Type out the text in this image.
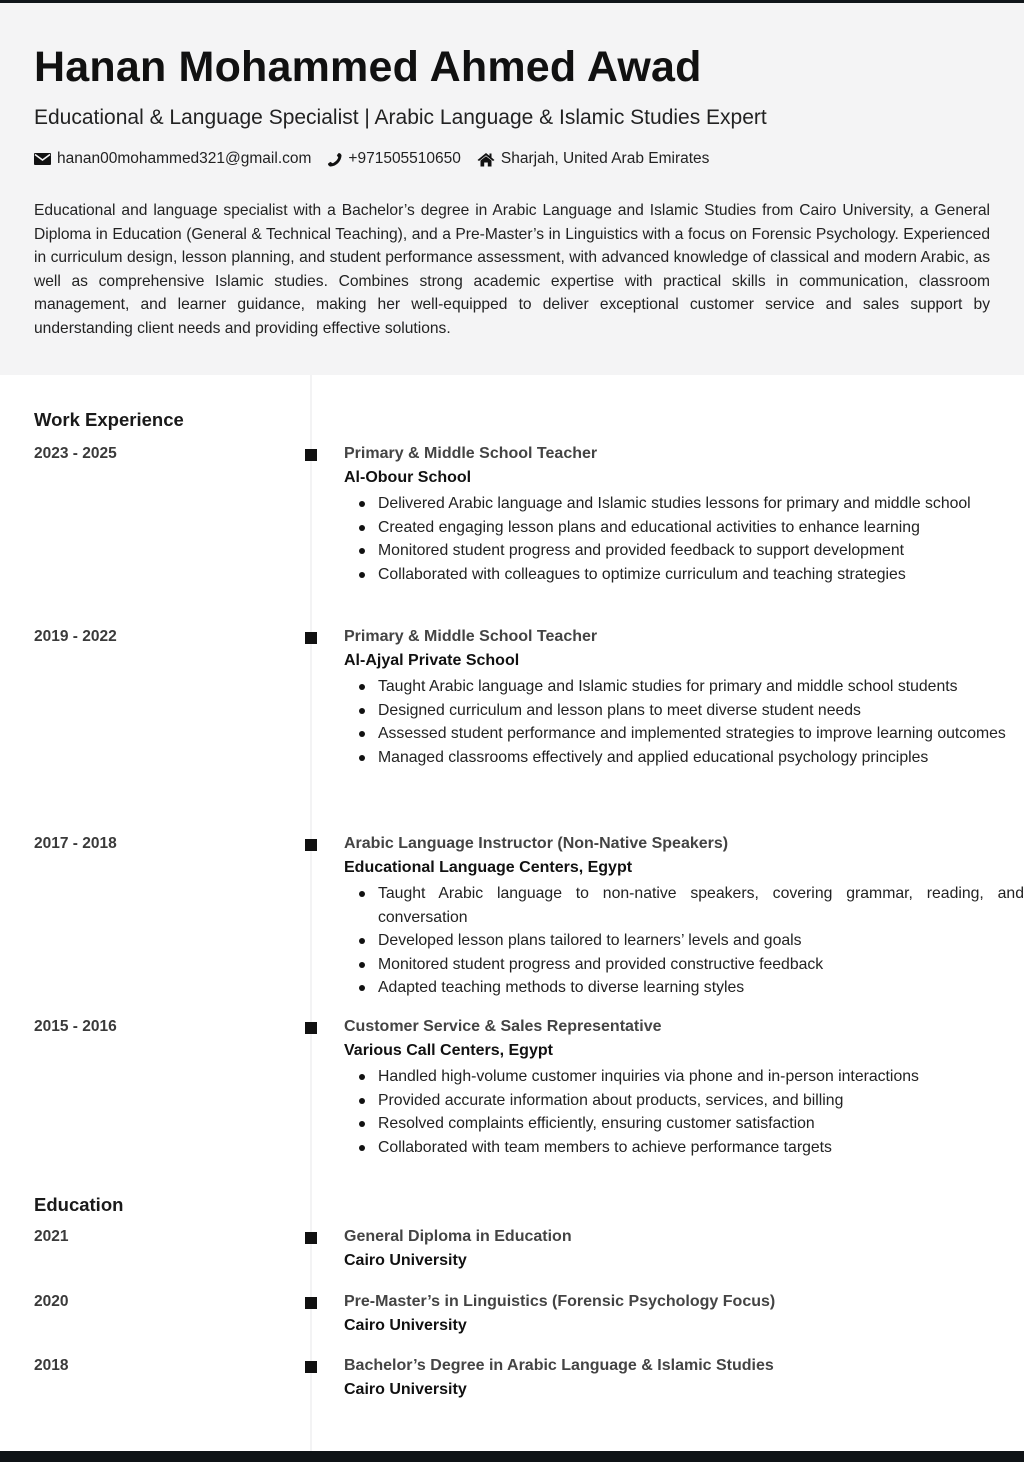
Hanan Mohammed Ahmed Awad
Educational & Language Specialist | Arabic Language & Islamic Studies Expert
hanan00mohammed321@gmail.com +971505510650	Sharjah, United Arab Emirates
Educational and language specialist with a Bachelor’s degree in Arabic Language and Islamic Studies from Cairo University, a General Diploma in Education (General & Technical Teaching), and a Pre-Master’s in Linguistics with a focus on Forensic Psychology. Experienced in curriculum design, lesson planning, and student performance assessment, with advanced knowledge of classical and modern Arabic, as well as comprehensive Islamic studies. Combines strong academic expertise with practical skills in communication, classroom management, and learner guidance, making her well-equipped to deliver exceptional customer service and sales support by understanding client needs and providing effective solutions.
Work Experience
2023 - 2025	Primary & Middle School Teacher
Al-Obour School
Delivered Arabic language and Islamic studies lessons for primary and middle school
Created engaging lesson plans and educational activities to enhance learning
Monitored student progress and provided feedback to support development
Collaborated with colleagues to optimize curriculum and teaching strategies
2019 - 2022	Primary & Middle School Teacher
Al-Ajyal Private School
Taught Arabic language and Islamic studies for primary and middle school students
Designed curriculum and lesson plans to meet diverse student needs
Assessed student performance and implemented strategies to improve learning outcomes
Managed classrooms effectively and applied educational psychology principles
2017 - 2018	Arabic Language Instructor (Non-Native Speakers)
Educational Language Centers, Egypt
Taught Arabic language to non-native speakers, covering grammar, reading, and conversation
Developed lesson plans tailored to learners’ levels and goals
Monitored student progress and provided constructive feedback
Adapted teaching methods to diverse learning styles
2015 - 2016	Customer Service & Sales Representative
Various Call Centers, Egypt
Handled high-volume customer inquiries via phone and in-person interactions
Provided accurate information about products, services, and billing
Resolved complaints efficiently, ensuring customer satisfaction
Collaborated with team members to achieve performance targets
Education
2021	General Diploma in Education
Cairo University
2020	Pre-Master’s in Linguistics (Forensic Psychology Focus)
Cairo University
2018	Bachelor’s Degree in Arabic Language & Islamic Studies
Cairo University
